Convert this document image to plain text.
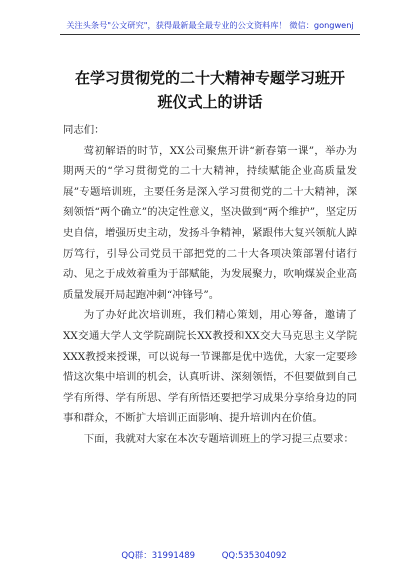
关注头条号"公文研究"，获得最新最全最专业的公文资料库！ 微信：gongwenj
在学习贯彻党的二十大精神专题学习班开
班仪式上的讲话

同志们：

莺初解语的时节，XX公司聚焦开讲“新春第一课”，举办为期两天的“学习贯彻党的二十大精神，持续赋能企业高质量发展”专题培训班，主要任务是深入学习贯彻党的二十大精神，深刻领悟“两个确立”的决定性意义，坚决做到“两个维护”，坚定历史自信，增强历史主动，发扬斗争精神，紧跟伟大复兴领航人踔厉笃行，引导公司党员干部把党的二十大各项决策部署付诸行动、见之于成效着重为于部赋能，为发展聚力，吹响煤炭企业高质量发展开局起跑冲刺“冲锋号”。

为了办好此次培训班，我们精心策划，用心筹备，邀请了XX交通大学人文学院副院长XX教授和XX交大马克思主义学院XXX教授来授课，可以说每一节课都是优中选优，大家一定要珍惜这次集中培训的机会，认真听讲、深刻领悟，不但要做到自己学有所得、学有所思、学有所悟还要把学习成果分享给身边的同事和群众，不断扩大培训正面影响、提升培训内在价值。

下面，我就对大家在本次专题培训班上的学习提三点要求：

QQ群：31991489	QQ:535304092
